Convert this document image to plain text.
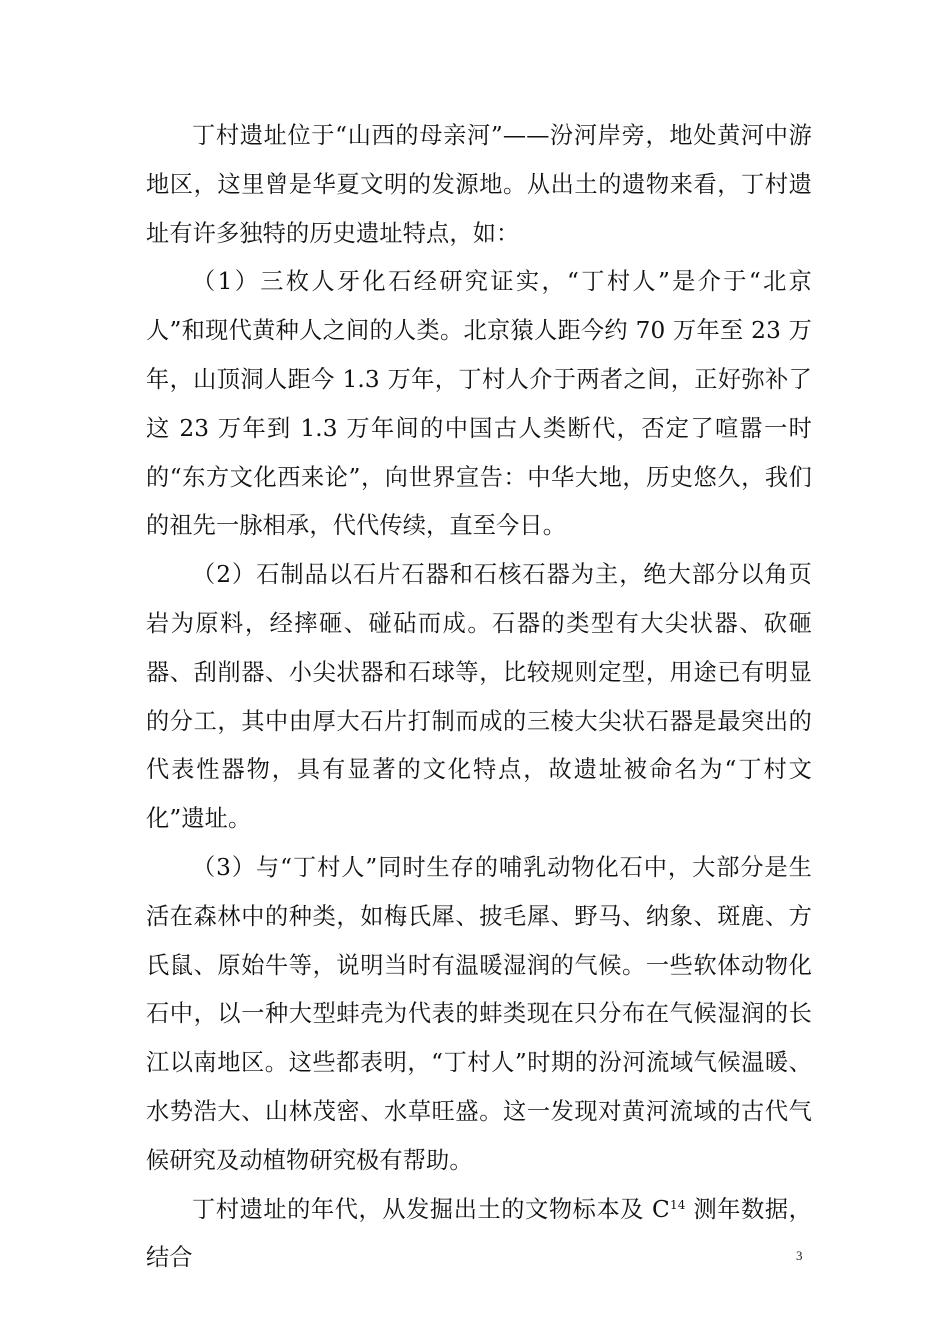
丁村遗址位于“山西的母亲河”——汾河岸旁，地处黄河中游地区，这里曾是华夏文明的发源地。从出土的遗物来看，丁村遗址有许多独特的历史遗址特点，如：

（1）三枚人牙化石经研究证实，“丁村人”是介于“北京人”和现代黄种人之间的人类。北京猿人距今约 70 万年至 23 万年，山顶洞人距今 1.3 万年，丁村人介于两者之间，正好弥补了这 23 万年到 1.3 万年间的中国古人类断代，否定了喧嚣一时的“东方文化西来论”，向世界宣告：中华大地，历史悠久，我们的祖先一脉相承，代代传续，直至今日。

（2）石制品以石片石器和石核石器为主，绝大部分以角页岩为原料，经摔砸、碰砧而成。石器的类型有大尖状器、砍砸器、刮削器、小尖状器和石球等，比较规则定型，用途已有明显的分工，其中由厚大石片打制而成的三棱大尖状石器是最突出的代表性器物，具有显著的文化特点，故遗址被命名为“丁村文化”遗址。

（3）与“丁村人”同时生存的哺乳动物化石中，大部分是生活在森林中的种类，如梅氏犀、披毛犀、野马、纳象、斑鹿、方氏鼠、原始牛等，说明当时有温暖湿润的气候。一些软体动物化石中，以一种大型蚌壳为代表的蚌类现在只分布在气候湿润的长江以南地区。这些都表明，“丁村人”时期的汾河流域气候温暖、水势浩大、山林茂密、水草旺盛。这一发现对黄河流域的古代气候研究及动植物研究极有帮助。

丁村遗址的年代，从发掘出土的文物标本及 $C^{14}$ 测年数据，结合	3
